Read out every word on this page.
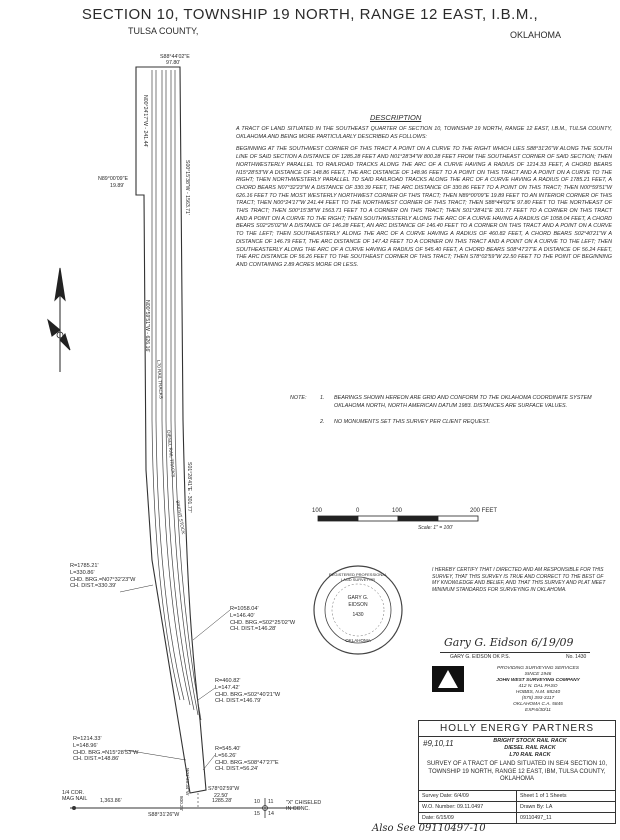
SECTION 10, TOWNSHIP 19 NORTH, RANGE 12 EAST, I.B.M.,
TULSA COUNTY,	OKLAHOMA
S88°44'02"E
97.80'
N00°24'17"W - 241.44'
N89°00'09"E
19.89'
N00°59'51"W - 626.16'
S00°15'38"W - 1563.71'
S01°28'41"E - 301.77'
L70 RAIL TRACKS
DIESEL RAIL TRACKS
BRIGHT STOCK
R=1785.21'
L=330.86'
CHD. BRG.=N07°32'23"W
CH. DIST.=330.39'
R=1058.04'
L=146.40'
CHD. BRG.=S02°25'02"W
CH. DIST.=146.28'
R=460.82'
L=147.42'
CHD. BRG.=S02°40'21"W
CH. DIST.=146.79'
R=1214.33'
L=148.96'
CHD. BRG.=N15°28'53"W
CH. DIST.=148.86'
R=545.40'
L=56.26'
CHD. BRG.=S08°47'27"E
CH. DIST.=56.24'
S78°02'59"W
22.50'
N01°28'34"W
800.28'
1/4 COR.
MAG NAIL 1,363.86'
S88°31'26"W
1285.28'	10 11
15 14
"X" CHISELED
IN CONC.
DESCRIPTION

A TRACT OF LAND SITUATED IN THE SOUTHEAST QUARTER OF SECTION 10, TOWNSHIP 19 NORTH, RANGE 12 EAST, I.B.M., TULSA COUNTY, OKLAHOMA AND BEING MORE PARTICULARLY DESCRIBED AS FOLLOWS:

BEGINNING AT THE SOUTHWEST CORNER OF THIS TRACT A POINT ON A CURVE TO THE RIGHT WHICH LIES S88°31'26"W ALONG THE SOUTH LINE OF SAID SECTION A DISTANCE OF 1285.28 FEET AND N01°28'34"W 800.28 FEET FROM THE SOUTHEAST CORNER OF SAID SECTION; THEN NORTHWESTERLY PARALLEL TO RAILROAD TRACKS ALONG THE ARC OF A CURVE HAVING A RADIUS OF 1214.33 FEET, A CHORD BEARS N15°28'53"W A DISTANCE OF 148.86 FEET, THE ARC DISTANCE OF 148.96 FEET TO A POINT ON THIS TRACT AND A POINT ON A CURVE TO THE RIGHT; THEN NORTHWESTERLY PARALLEL TO SAID RAILROAD TRACKS ALONG THE ARC OF A CURVE HAVING A RADIUS OF 1785.21 FEET, A CHORD BEARS N07°32'23"W A DISTANCE OF 330.39 FEET, THE ARC DISTANCE OF 330.86 FEET TO A POINT ON THIS TRACT; THEN N00°59'51"W 626.16 FEET TO THE MOST WESTERLY NORTHWEST CORNER OF THIS TRACT; THEN N89°00'09"E 19.89 FEET TO AN INTERIOR CORNER OF THIS TRACT; THEN N00°24'17"W 241.44 FEET TO THE NORTHWEST CORNER OF THIS TRACT; THEN S88°44'02"E 97.80 FEET TO THE NORTHEAST OF THIS TRACT; THEN S00°15'38"W 1563.71 FEET TO A CORNER ON THIS TRACT; THEN S01°28'41"E 301.77 FEET TO A CORNER ON THIS TRACT AND A POINT ON A CURVE TO THE RIGHT; THEN SOUTHWESTERLY ALONG THE ARC OF A CURVE HAVING A RADIUS OF 1058.04 FEET, A CHORD BEARS S02°25'02"W A DISTANCE OF 146.28 FEET, AN ARC DISTANCE OF 146.40 FEET TO A CORNER ON THIS TRACT AND A POINT ON A CURVE TO THE LEFT; THEN SOUTHEASTERLY ALONG THE ARC OF A CURVE HAVING A RADIUS OF 460.82 FEET, A CHORD BEARS S02°40'21"W A DISTANCE OF 146.79 FEET, THE ARC DISTANCE OF 147.42 FEET TO A CORNER ON THIS TRACT AND A POINT ON A CURVE TO THE LEFT; THEN SOUTHEASTERLY ALONG THE ARC OF A CURVE HAVING A RADIUS OF 545.40 FEET, A CHORD BEARS S08°47'27"E A DISTANCE OF 56.24 FEET, THE ARC DISTANCE OF 56.26 FEET TO THE SOUTHEAST CORNER OF THIS TRACT; THEN S78°02'59"W 22.50 FEET TO THE POINT OF BEGINNING AND CONTAINING 2.89 ACRES MORE OR LESS.

NOTE:	1.	BEARINGS SHOWN HEREON ARE GRID AND CONFORM TO THE OKLAHOMA COORDINATE SYSTEM OKLAHOMA NORTH, NORTH AMERICAN DATUM 1983. DISTANCES ARE SURFACE VALUES.
2.	NO MONUMENTS SET THIS SURVEY PER CLIENT REQUEST.
100	0	100	200 FEET
Scale: 1" = 100'
REGISTERED PROFESSIONAL LAND SURVEYOR
GARY G.
EIDSON
1430
OKLAHOMA
I HEREBY CERTIFY THAT I DIRECTED AND AM RESPONSIBLE FOR THIS SURVEY, THAT THIS SURVEY IS TRUE AND CORRECT TO THE BEST OF MY KNOWLEDGE AND BELIEF, AND THAT THIS SURVEY AND PLAT MEET MINIMUM STANDARDS FOR SURVEYING IN OKLAHOMA.
Gary G. Eidson 6/19/09
GARY G. EIDSON OK P.S.	No. 1430
PROVIDING SURVEYING SERVICES
SINCE 1946
JOHN WEST SURVEYING COMPANY
412 N. DAL PASO
HOBBS, N.M. 88240
(575) 393-3117
OKLAHOMA C.A. 5845
EXP.6/30/11
HOLLY ENERGY PARTNERS
#9,10,11	BRIGHT STOCK RAIL RACK
DIESEL RAIL RACK
L70 RAIL RACK
SURVEY OF A TRACT OF LAND SITUATED IN SE/4 SECTION 10, TOWNSHIP 19 NORTH, RANGE 12 EAST, IBM, TULSA COUNTY, OKLAHOMA
Survey Date: 6/4/09	Sheet 1 of 1 Sheets
W.O. Number: 09.11.0497	Drawn By: LA
Date: 6/15/09	09110497_11
Also See 09110497-10
